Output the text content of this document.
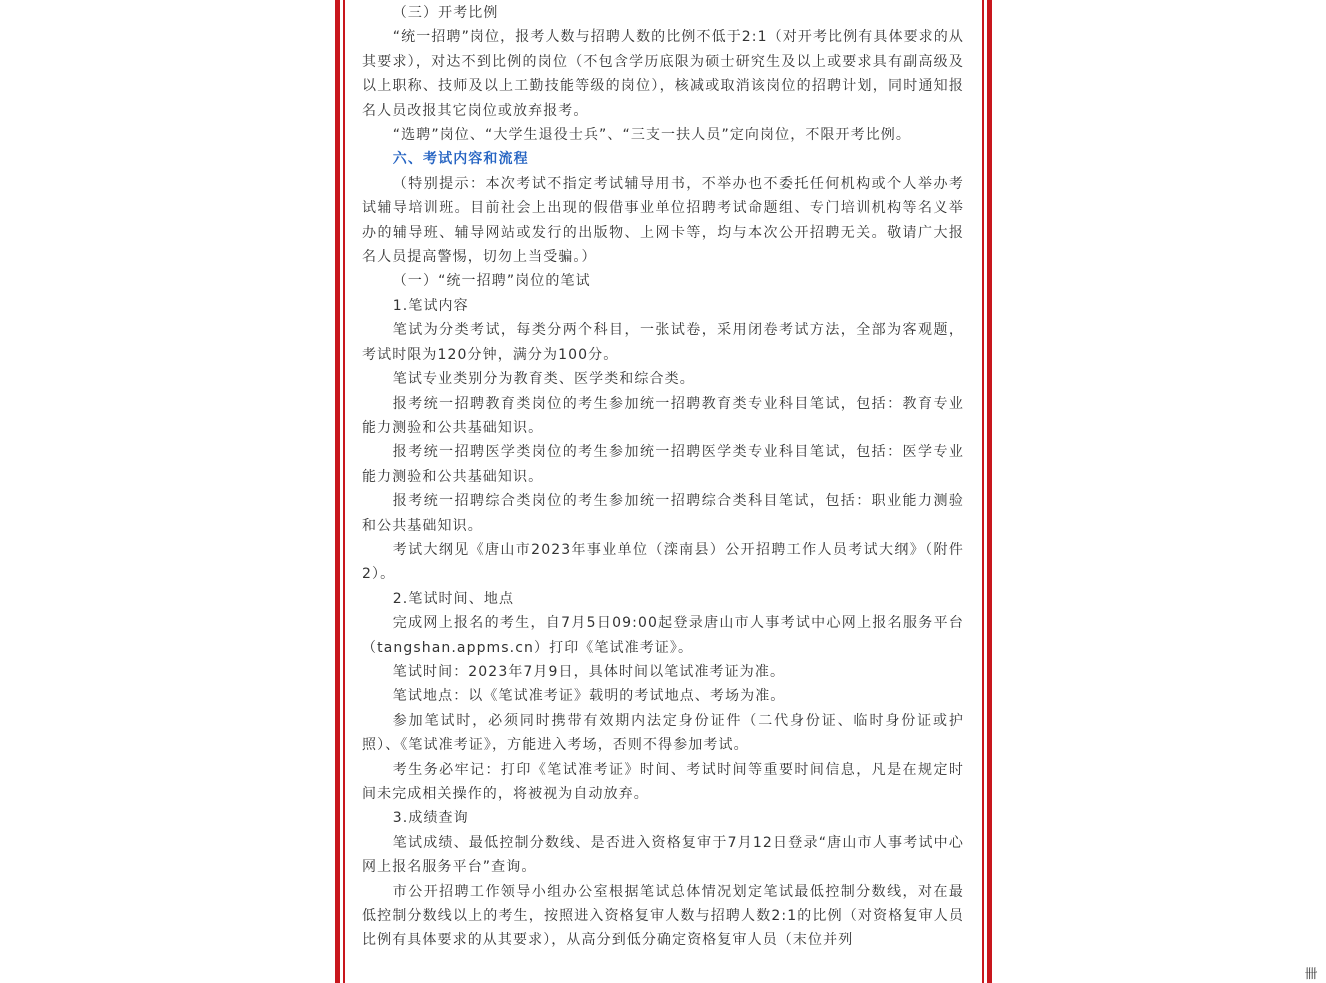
（三）开考比例

“统一招聘”岗位，报考人数与招聘人数的比例不低于2:1（对开考比例有具体要求的从其要求），对达不到比例的岗位（不包含学历底限为硕士研究生及以上或要求具有副高级及以上职称、技师及以上工勤技能等级的岗位），核减或取消该岗位的招聘计划，同时通知报名人员改报其它岗位或放弃报考。

“选聘”岗位、“大学生退役士兵”、“三支一扶人员”定向岗位，不限开考比例。

六、考试内容和流程

（特别提示：本次考试不指定考试辅导用书，不举办也不委托任何机构或个人举办考试辅导培训班。目前社会上出现的假借事业单位招聘考试命题组、专门培训机构等名义举办的辅导班、辅导网站或发行的出版物、上网卡等，均与本次公开招聘无关。敬请广大报名人员提高警惕，切勿上当受骗。）

（一）“统一招聘”岗位的笔试

1.笔试内容

笔试为分类考试，每类分两个科目，一张试卷，采用闭卷考试方法，全部为客观题，考试时限为120分钟，满分为100分。

笔试专业类别分为教育类、医学类和综合类。

报考统一招聘教育类岗位的考生参加统一招聘教育类专业科目笔试，包括：教育专业能力测验和公共基础知识。

报考统一招聘医学类岗位的考生参加统一招聘医学类专业科目笔试，包括：医学专业能力测验和公共基础知识。

报考统一招聘综合类岗位的考生参加统一招聘综合类科目笔试，包括：职业能力测验和公共基础知识。

考试大纲见《唐山市2023年事业单位（滦南县）公开招聘工作人员考试大纲》（附件2）。

2.笔试时间、地点

完成网上报名的考生，自7月5日09:00起登录唐山市人事考试中心网上报名服务平台（tangshan.appms.cn）打印《笔试准考证》。

笔试时间：2023年7月9日，具体时间以笔试准考证为准。

笔试地点：以《笔试准考证》载明的考试地点、考场为准。

参加笔试时，必须同时携带有效期内法定身份证件（二代身份证、临时身份证或护照）、《笔试准考证》，方能进入考场，否则不得参加考试。

考生务必牢记：打印《笔试准考证》时间、考试时间等重要时间信息，凡是在规定时间未完成相关操作的，将被视为自动放弃。

3.成绩查询

笔试成绩、最低控制分数线、是否进入资格复审于7月12日登录“唐山市人事考试中心网上报名服务平台”查询。

市公开招聘工作领导小组办公室根据笔试总体情况划定笔试最低控制分数线，对在最低控制分数线以上的考生，按照进入资格复审人数与招聘人数2:1的比例（对资格复审人员比例有具体要求的从其要求），从高分到低分确定资格复审人员（末位并列

卌
